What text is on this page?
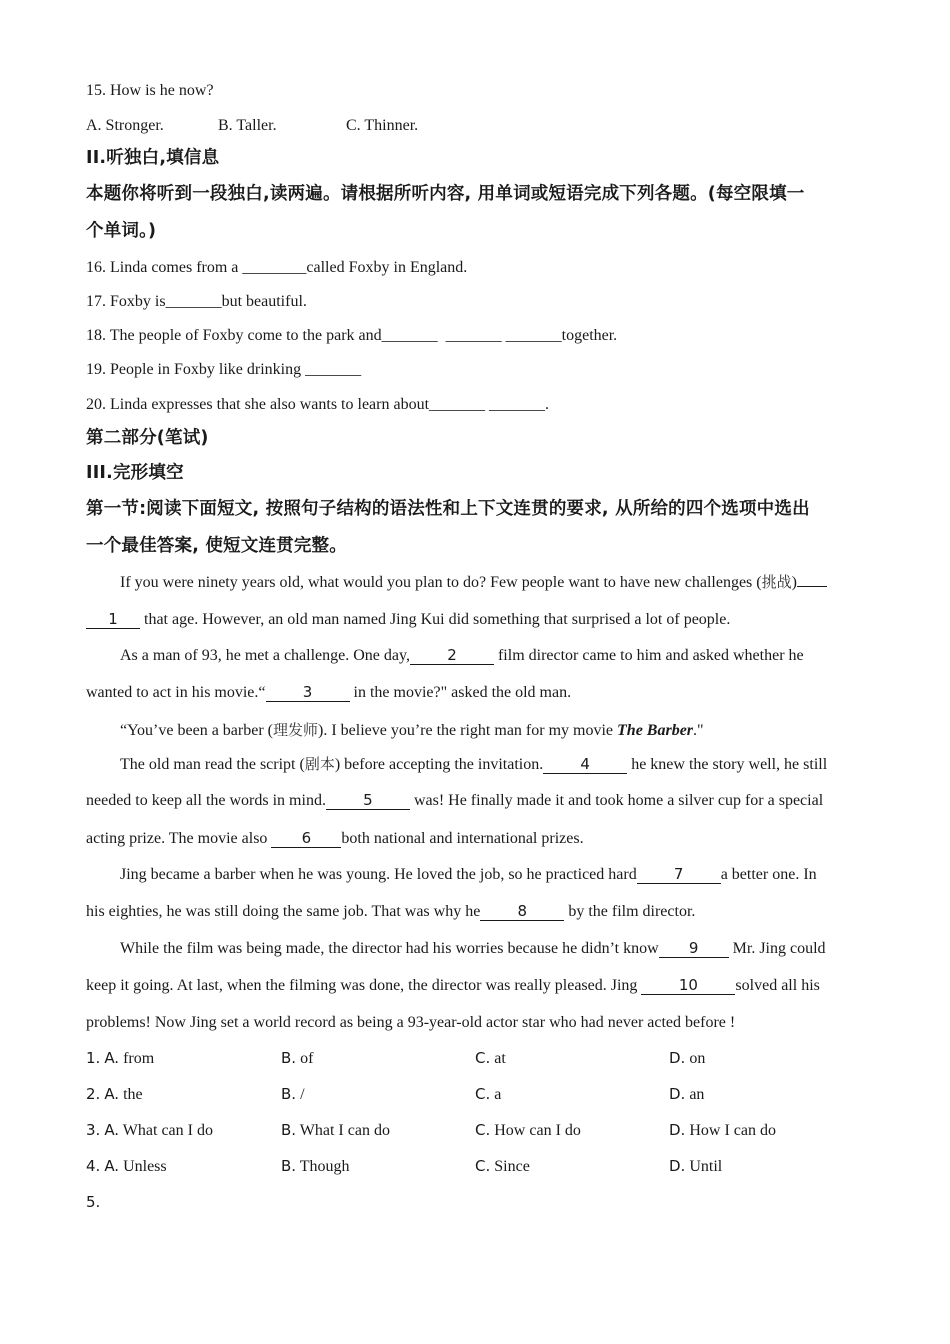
15. How is he now?
A. Stronger.	B. Taller.	C. Thinner.
II.听独白,填信息
本题你将听到一段独白,读两遍。请根据所听内容, 用单词或短语完成下列各题。(每空限填一
个单词。)
16. Linda comes from a ________called Foxby in England.
17. Foxby is_______but beautiful.
18. The people of Foxby come to the park and_______  _______ _______together.
19. People in Foxby like drinking _______
20. Linda expresses that she also wants to learn about_______ _______.
第二部分(笔试)
III.完形填空
第一节:阅读下面短文, 按照句子结构的语法性和上下文连贯的要求, 从所给的四个选项中选出
一个最佳答案, 使短文连贯完整。
If you were ninety years old, what would you plan to do? Few people want to have new challenges (挑战)
1 that age. However, an old man named Jing Kui did something that surprised a lot of people.
As a man of 93, he met a challenge. One day, 2 film director came to him and asked whether he
wanted to act in his movie.“ 3 in the movie?" asked the old man.
“You’ve been a barber (理发师). I believe you’re the right man for my movie The Barber."
The old man read the script (剧本) before accepting the invitation. 4 he knew the story well, he still
needed to keep all the words in mind. 5 was! He finally made it and took home a silver cup for a special
acting prize. The movie also 6 both national and international prizes.
Jing became a barber when he was young. He loved the job, so he practiced hard 7 a better one. In
his eighties, he was still doing the same job. That was why he 8 by the film director.
While the film was being made, the director had his worries because he didn’t know 9 Mr. Jing could
keep it going. At last, when the filming was done, the director was really pleased. Jing 10 solved all his
problems! Now Jing set a world record as being a 93-year-old actor star who had never acted before !
1. A. from	B. of	C. at	D. on
2. A. the	B. /	C. a	D. an
3. A. What can I do	B. What I can do	C. How can I do	D. How I can do
4. A. Unless	B. Though	C. Since	D. Until
5.
